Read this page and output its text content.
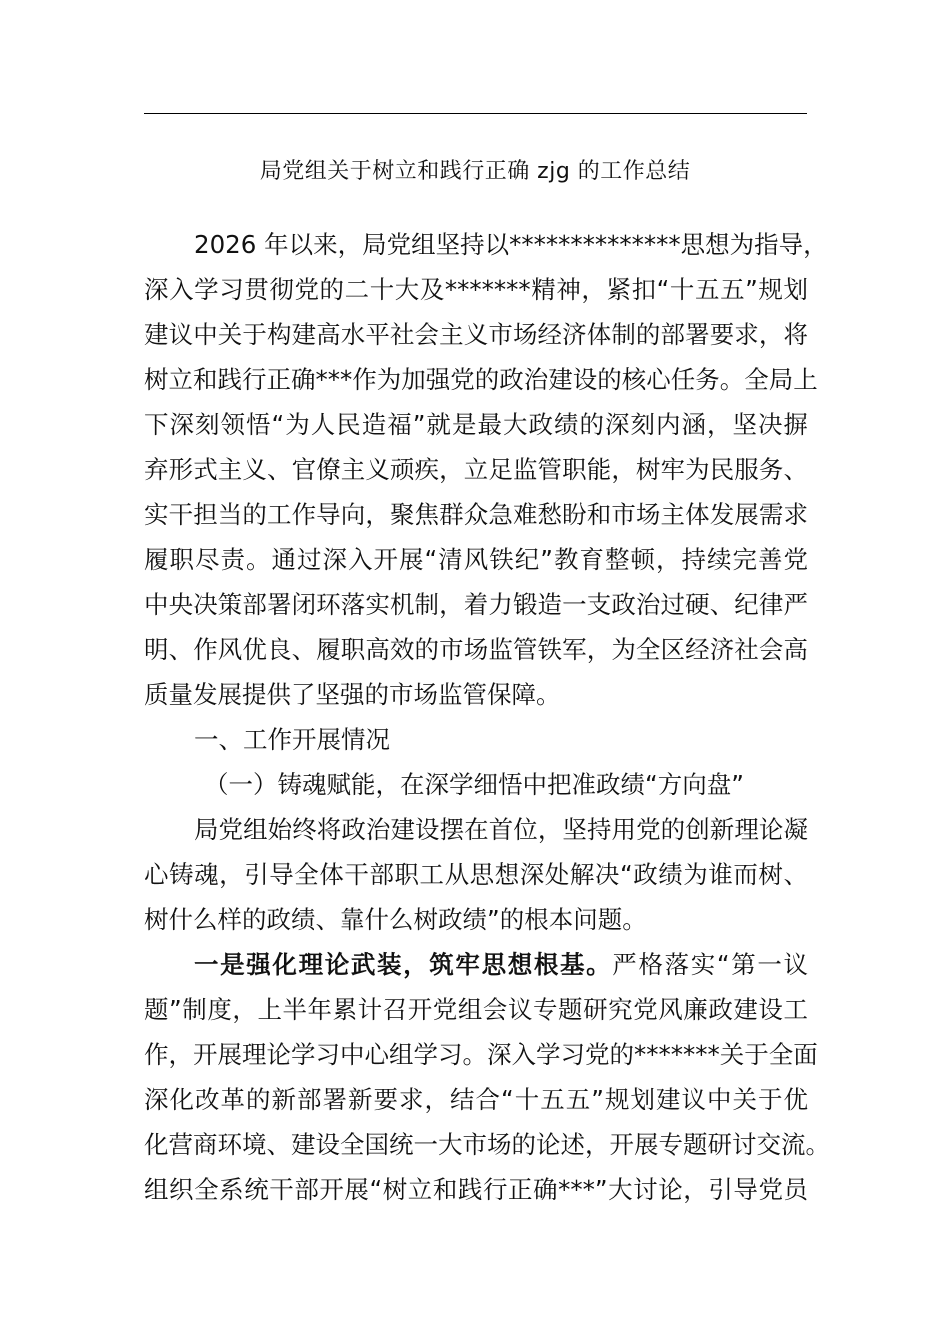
局党组关于树立和践行正确 zjg 的工作总结
2026 年以来，局党组坚持以**************思想为指导，
深入学习贯彻党的二十大及*******精神，紧扣“十五五”规划
建议中关于构建高水平社会主义市场经济体制的部署要求，将
树立和践行正确***作为加强党的政治建设的核心任务。全局上
下深刻领悟“为人民造福”就是最大政绩的深刻内涵，坚决摒
弃形式主义、官僚主义顽疾，立足监管职能，树牢为民服务、
实干担当的工作导向，聚焦群众急难愁盼和市场主体发展需求
履职尽责。通过深入开展“清风铁纪”教育整顿，持续完善党
中央决策部署闭环落实机制，着力锻造一支政治过硬、纪律严
明、作风优良、履职高效的市场监管铁军，为全区经济社会高
质量发展提供了坚强的市场监管保障。
一、工作开展情况
（一）铸魂赋能，在深学细悟中把准政绩“方向盘”
局党组始终将政治建设摆在首位，坚持用党的创新理论凝
心铸魂，引导全体干部职工从思想深处解决“政绩为谁而树、
树什么样的政绩、靠什么树政绩”的根本问题。
一是强化理论武装，筑牢思想根基。严格落实“第一议
题”制度，上半年累计召开党组会议专题研究党风廉政建设工
作，开展理论学习中心组学习。深入学习党的*******关于全面
深化改革的新部署新要求，结合“十五五”规划建议中关于优
化营商环境、建设全国统一大市场的论述，开展专题研讨交流。
组织全系统干部开展“树立和践行正确***”大讨论，引导党员
